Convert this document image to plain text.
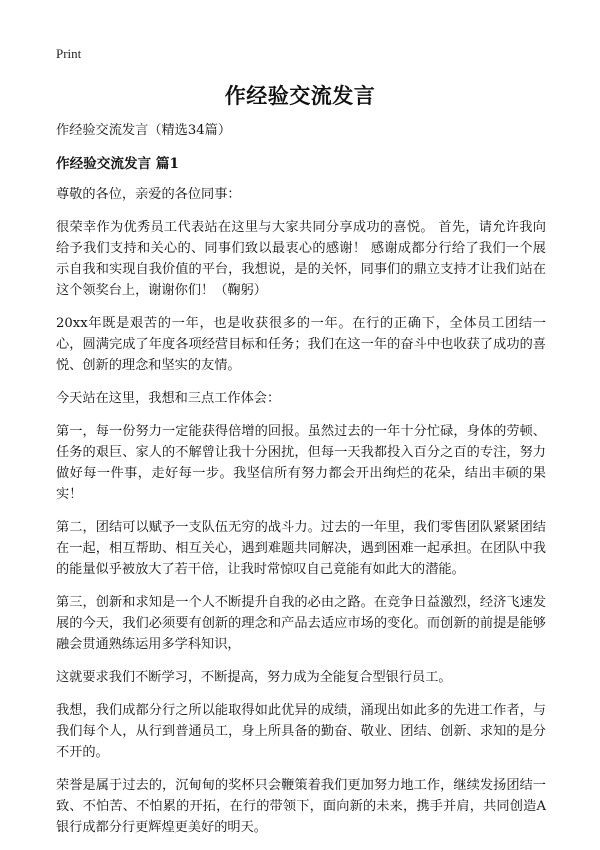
Print
作经验交流发言

作经验交流发言（精选34篇）

作经验交流发言 篇1

尊敬的各位，亲爱的各位同事：

很荣幸作为优秀员工代表站在这里与大家共同分享成功的喜悦。 首先，请允许我向给予我们支持和关心的、同事们致以最衷心的感谢！ 感谢成都分行给了我们一个展示自我和实现自我价值的平台，我想说，是的关怀，同事们的鼎立支持才让我们站在这个领奖台上，谢谢你们！（鞠躬）

20xx年既是艰苦的一年，也是收获很多的一年。在行的正确下，全体员工团结一心，圆满完成了年度各项经营目标和任务；我们在这一年的奋斗中也收获了成功的喜悦、创新的理念和坚实的友情。

今天站在这里，我想和三点工作体会：

第一，每一份努力一定能获得倍增的回报。虽然过去的一年十分忙碌，身体的劳顿、任务的艰巨、家人的不解曾让我十分困扰，但每一天我都投入百分之百的专注，努力做好每一件事，走好每一步。我坚信所有努力都会开出绚烂的花朵，结出丰硕的果实！

第二，团结可以赋予一支队伍无穷的战斗力。过去的一年里，我们零售团队紧紧团结在一起，相互帮助、相互关心，遇到难题共同解决，遇到困难一起承担。在团队中我的能量似乎被放大了若干倍，让我时常惊叹自己竟能有如此大的潜能。

第三，创新和求知是一个人不断提升自我的必由之路。在竞争日益激烈，经济飞速发展的今天，我们必须要有创新的理念和产品去适应市场的变化。而创新的前提是能够融会贯通熟练运用多学科知识，

这就要求我们不断学习，不断提高，努力成为全能复合型银行员工。

我想，我们成都分行之所以能取得如此优异的成绩，涌现出如此多的先进工作者，与我们每个人，从行到普通员工，身上所具备的勤奋、敬业、团结、创新、求知的是分不开的。

荣誉是属于过去的，沉甸甸的奖杯只会鞭策着我们更加努力地工作，继续发扬团结一致、不怕苦、不怕累的开拓，在行的带领下，面向新的未来，携手并肩，共同创造A银行成都分行更辉煌更美好的明天。
